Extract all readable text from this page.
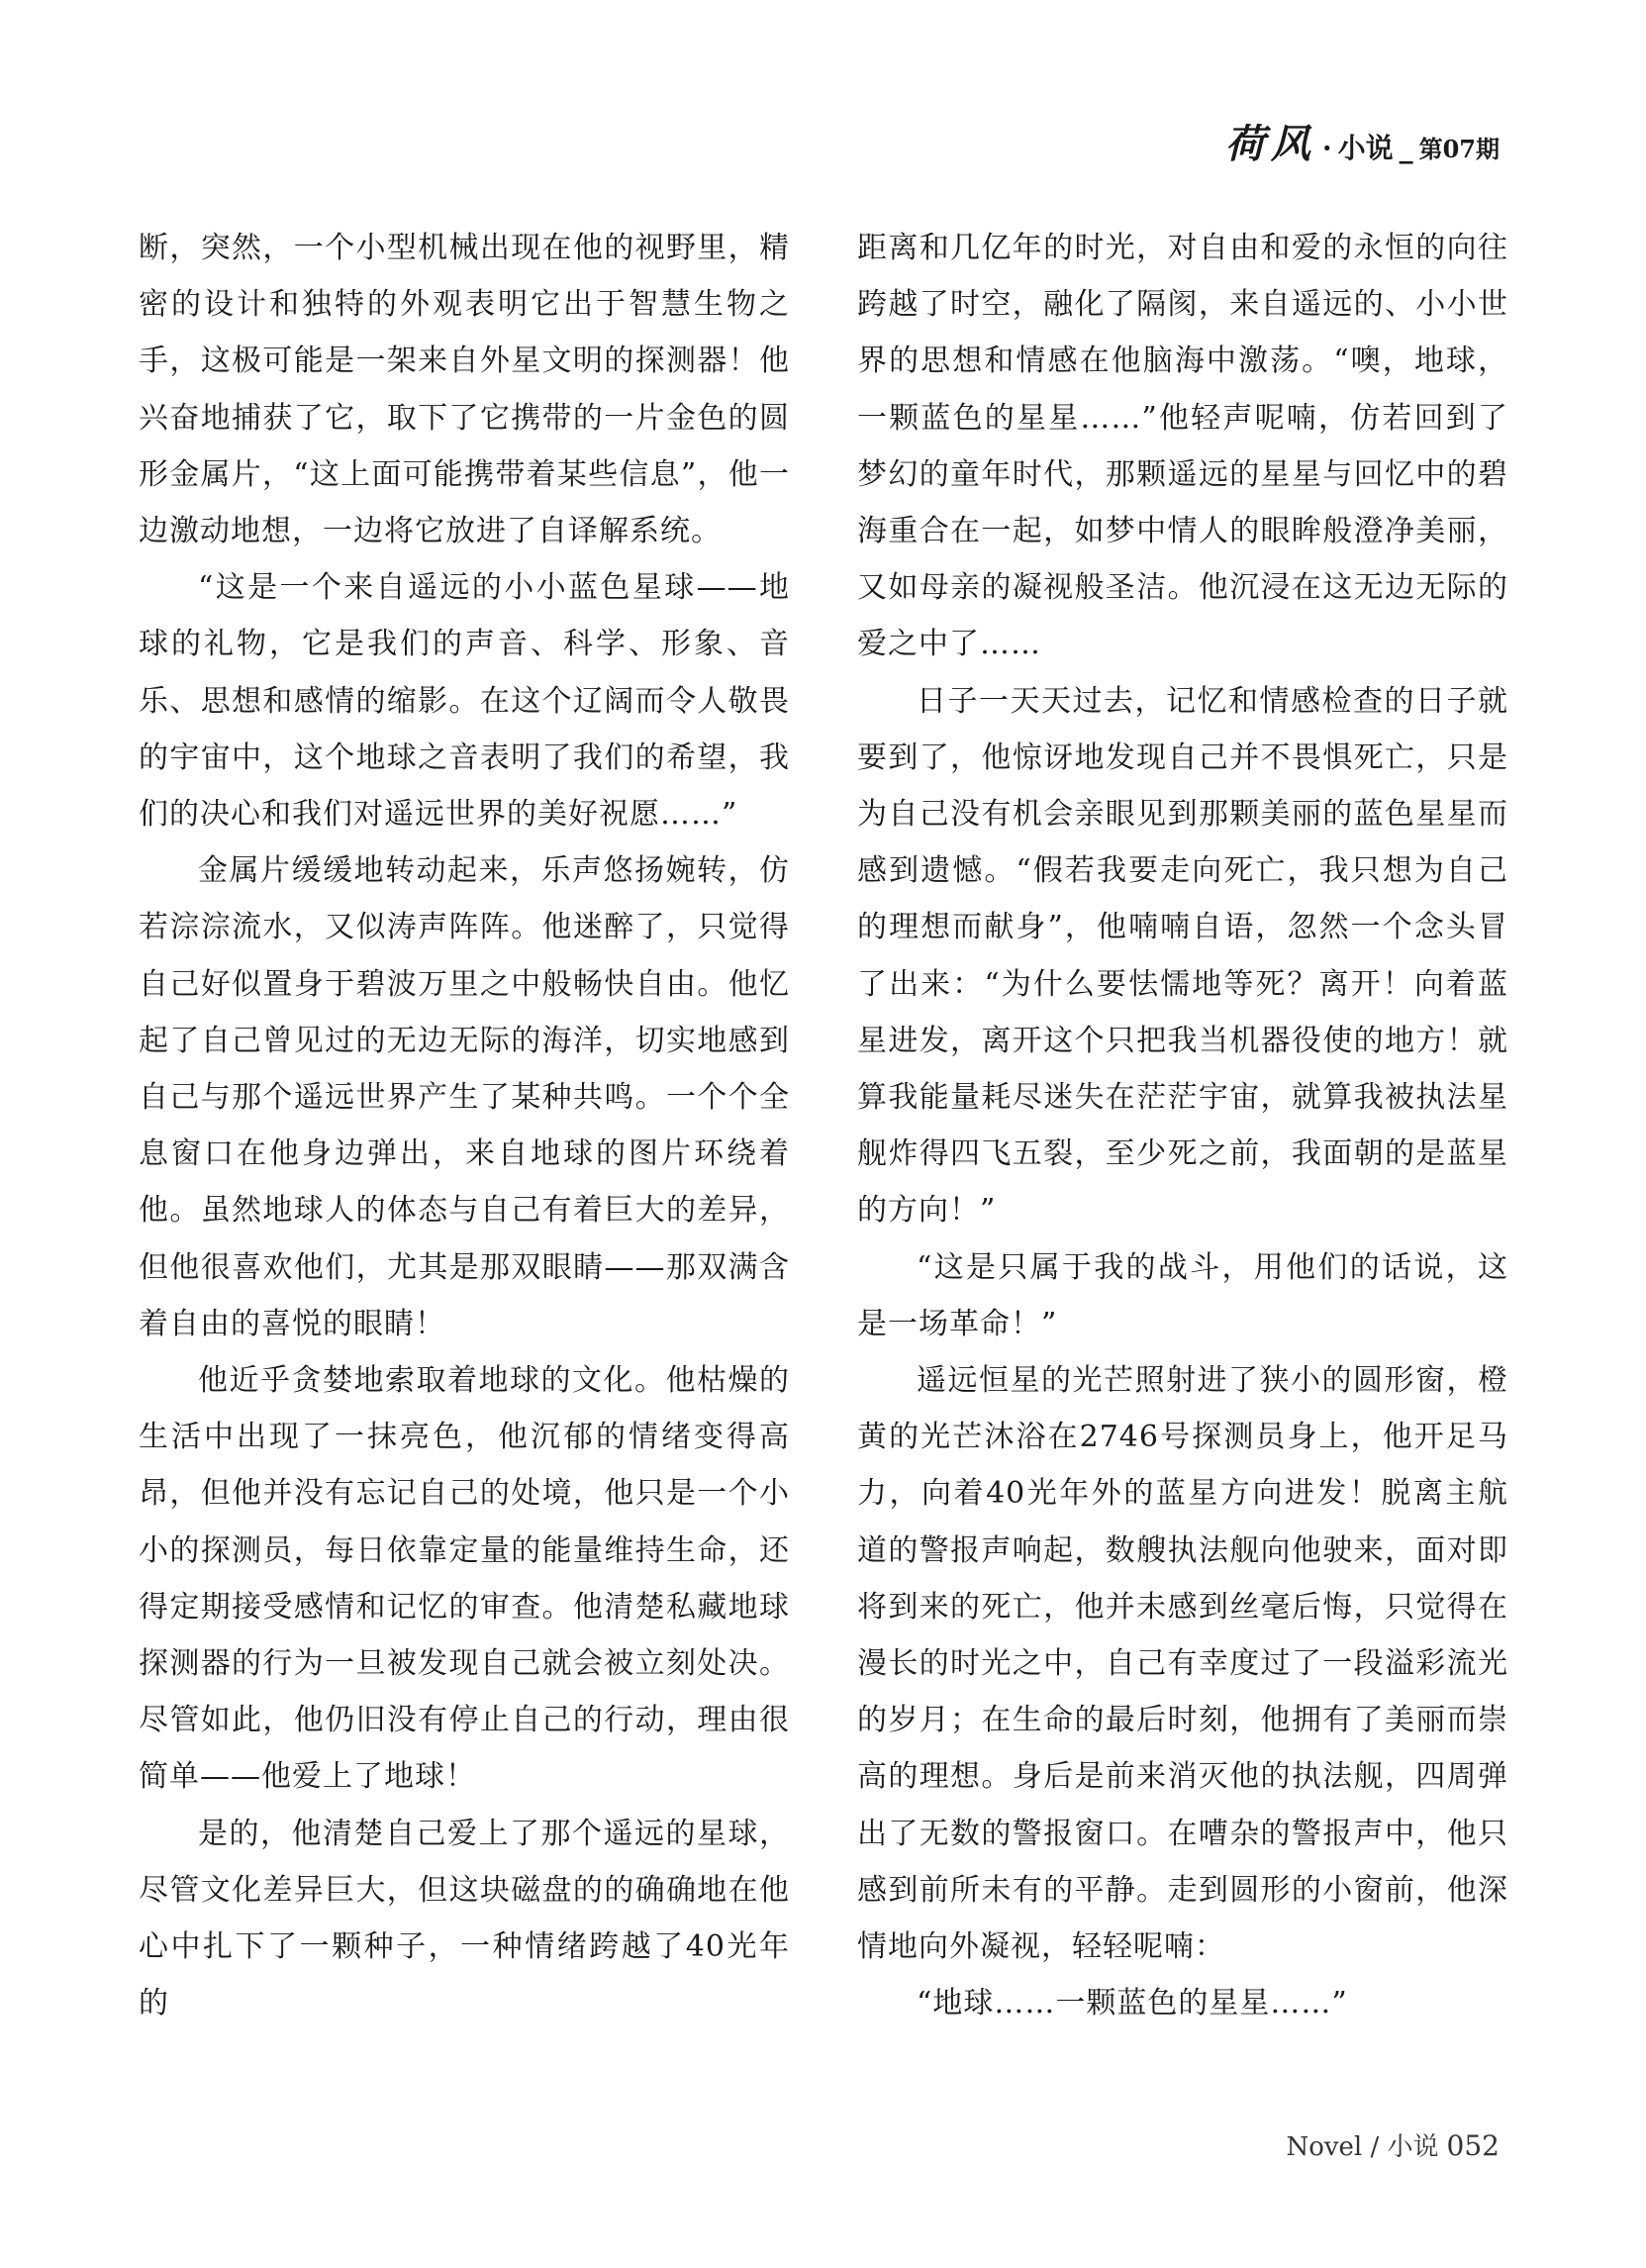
荷风 · 小说 _ 第07期

断，突然，一个小型机械出现在他的视野里，精密的设计和独特的外观表明它出于智慧生物之手，这极可能是一架来自外星文明的探测器！他兴奋地捕获了它，取下了它携带的一片金色的圆形金属片，“这上面可能携带着某些信息”，他一边激动地想，一边将它放进了自译解系统。

“这是一个来自遥远的小小蓝色星球——地球的礼物，它是我们的声音、科学、形象、音乐、思想和感情的缩影。在这个辽阔而令人敬畏的宇宙中，这个地球之音表明了我们的希望，我们的决心和我们对遥远世界的美好祝愿……”

金属片缓缓地转动起来，乐声悠扬婉转，仿若淙淙流水，又似涛声阵阵。他迷醉了，只觉得自己好似置身于碧波万里之中般畅快自由。他忆起了自己曾见过的无边无际的海洋，切实地感到自己与那个遥远世界产生了某种共鸣。一个个全息窗口在他身边弹出，来自地球的图片环绕着他。虽然地球人的体态与自己有着巨大的差异，但他很喜欢他们，尤其是那双眼睛——那双满含着自由的喜悦的眼睛！

他近乎贪婪地索取着地球的文化。他枯燥的生活中出现了一抹亮色，他沉郁的情绪变得高昂，但他并没有忘记自己的处境，他只是一个小小的探测员，每日依靠定量的能量维持生命，还得定期接受感情和记忆的审查。他清楚私藏地球探测器的行为一旦被发现自己就会被立刻处决。尽管如此，他仍旧没有停止自己的行动，理由很简单——他爱上了地球！

是的，他清楚自己爱上了那个遥远的星球，尽管文化差异巨大，但这块磁盘的的确确地在他心中扎下了一颗种子，一种情绪跨越了40光年的

距离和几亿年的时光，对自由和爱的永恒的向往跨越了时空，融化了隔阂，来自遥远的、小小世界的思想和情感在他脑海中激荡。“噢，地球，一颗蓝色的星星……”他轻声呢喃，仿若回到了梦幻的童年时代，那颗遥远的星星与回忆中的碧海重合在一起，如梦中情人的眼眸般澄净美丽，又如母亲的凝视般圣洁。他沉浸在这无边无际的爱之中了……

日子一天天过去，记忆和情感检查的日子就要到了，他惊讶地发现自己并不畏惧死亡，只是为自己没有机会亲眼见到那颗美丽的蓝色星星而感到遗憾。“假若我要走向死亡，我只想为自己的理想而献身”，他喃喃自语，忽然一个念头冒了出来：“为什么要怯懦地等死？离开！向着蓝星进发，离开这个只把我当机器役使的地方！就算我能量耗尽迷失在茫茫宇宙，就算我被执法星舰炸得四飞五裂，至少死之前，我面朝的是蓝星的方向！”

“这是只属于我的战斗，用他们的话说，这是一场革命！”

遥远恒星的光芒照射进了狭小的圆形窗，橙黄的光芒沐浴在2746号探测员身上，他开足马力，向着40光年外的蓝星方向进发！脱离主航道的警报声响起，数艘执法舰向他驶来，面对即将到来的死亡，他并未感到丝毫后悔，只觉得在漫长的时光之中，自己有幸度过了一段溢彩流光的岁月；在生命的最后时刻，他拥有了美丽而崇高的理想。身后是前来消灭他的执法舰，四周弹出了无数的警报窗口。在嘈杂的警报声中，他只感到前所未有的平静。走到圆形的小窗前，他深情地向外凝视，轻轻呢喃：

“地球……一颗蓝色的星星……”

Novel / 小说 052
